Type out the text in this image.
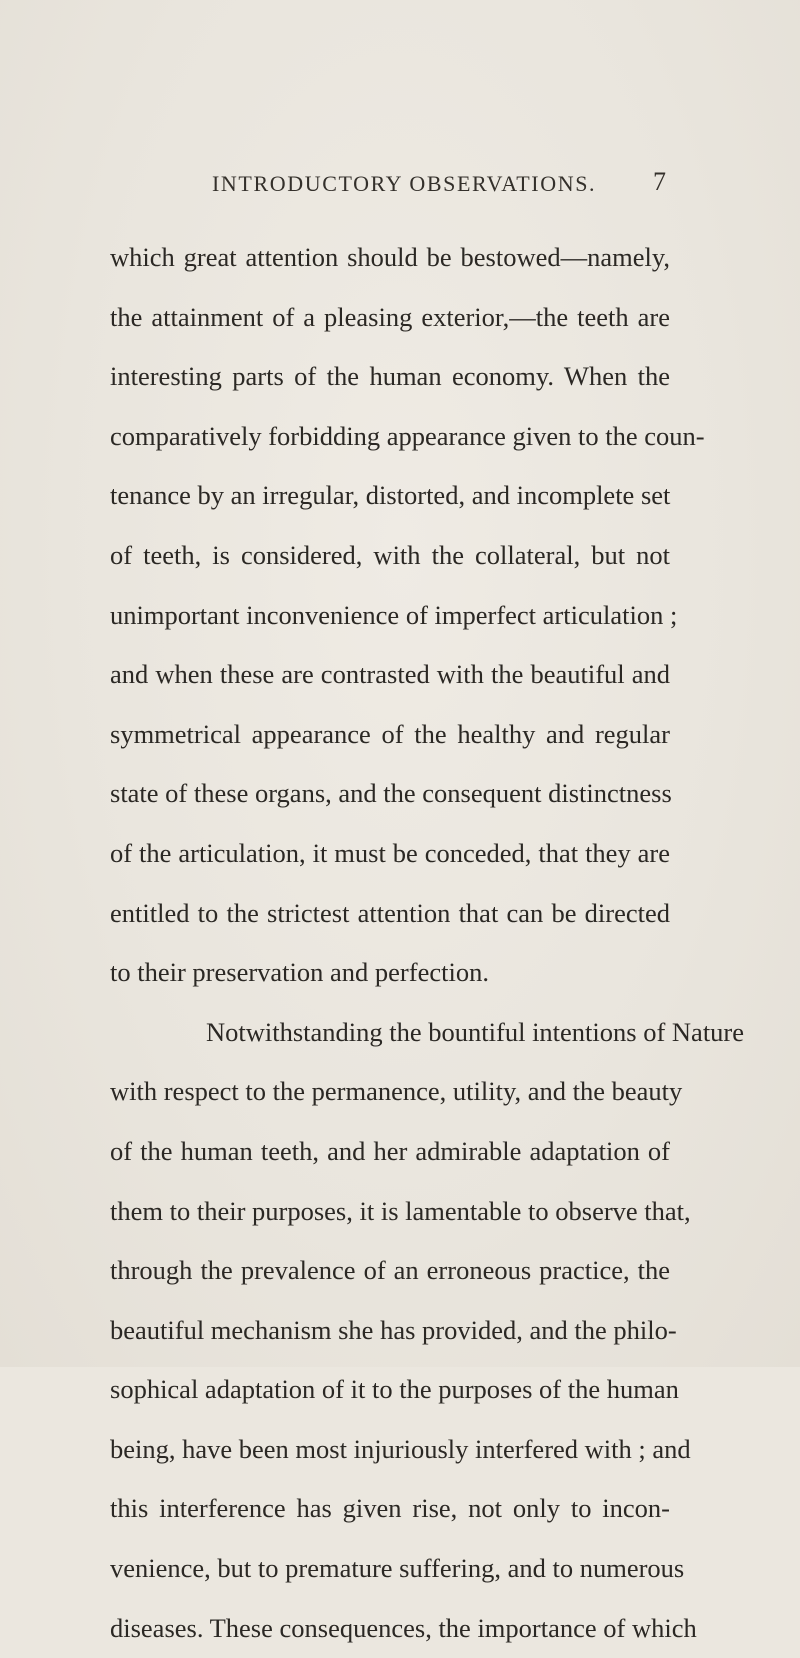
INTRODUCTORY OBSERVATIONS. 7
which great attention should be bestowed—namely,
the attainment of a pleasing exterior,—the teeth are
interesting parts of the human economy. When the
comparatively forbidding appearance given to the coun-
tenance by an irregular, distorted, and incomplete set
of teeth, is considered, with the collateral, but not
unimportant inconvenience of imperfect articulation ;
and when these are contrasted with the beautiful and
symmetrical appearance of the healthy and regular
state of these organs, and the consequent distinctness
of the articulation, it must be conceded, that they are
entitled to the strictest attention that can be directed
to their preservation and perfection.
Notwithstanding the bountiful intentions of Nature
with respect to the permanence, utility, and the beauty
of the human teeth, and her admirable adaptation of
them to their purposes, it is lamentable to observe that,
through the prevalence of an erroneous practice, the
beautiful mechanism she has provided, and the philo-
sophical adaptation of it to the purposes of the human
being, have been most injuriously interfered with ; and
this interference has given rise, not only to incon-
venience, but to premature suffering, and to numerous
diseases. These consequences, the importance of which
